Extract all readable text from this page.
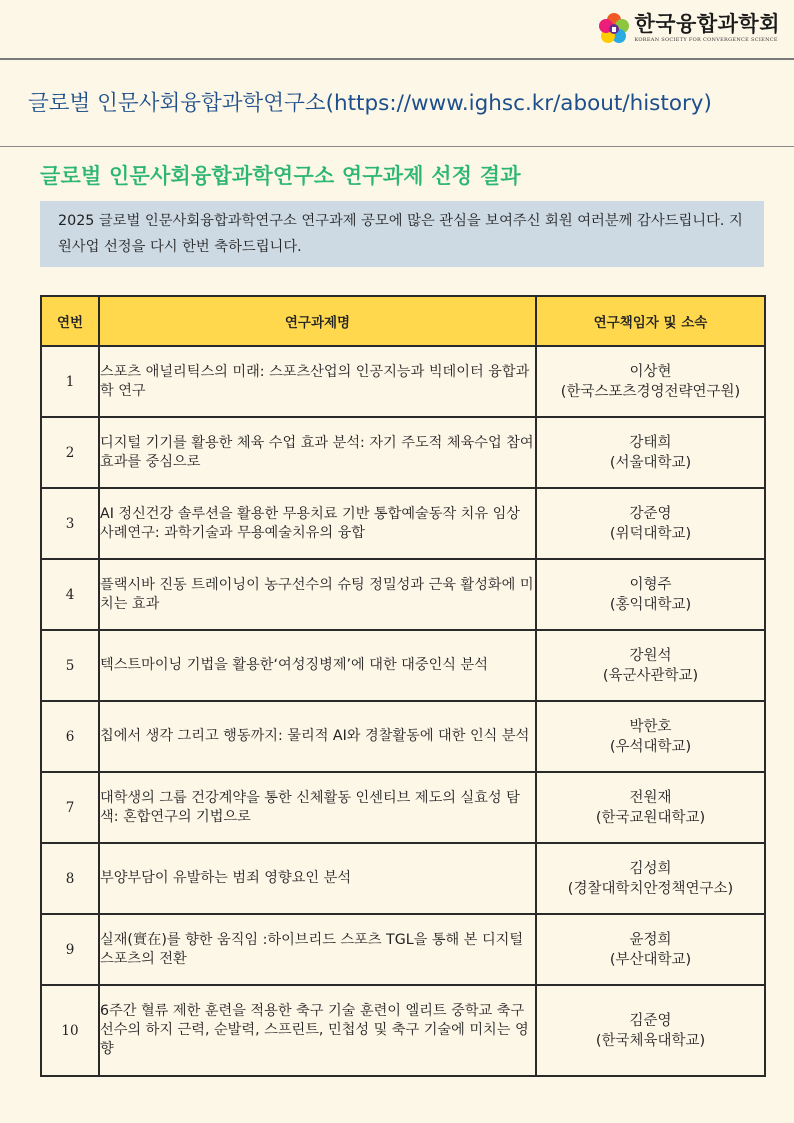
한국융합과학회
KOREAN SOCIETY FOR CONVERGENCE SCIENCE
글로벌 인문사회융합과학연구소(https://www.ighsc.kr/about/history)
글로벌 인문사회융합과학연구소 연구과제 선정 결과
2025 글로벌 인문사회융합과학연구소 연구과제 공모에 많은 관심을 보여주신 회원 여러분께 감사드립니다. 지원사업 선정을 다시 한번 축하드립니다.
연번	연구과제명	연구책임자 및 소속
1	스포츠 애널리틱스의 미래: 스포츠산업의 인공지능과 빅데이터 융합과학 연구	이상현
(한국스포츠경영전략연구원)

2	디지털 기기를 활용한 체육 수업 효과 분석: 자기 주도적 체육수업 참여 효과를 중심으로	강태희
(서울대학교)

3	AI 정신건강 솔루션을 활용한 무용치료 기반 통합예술동작 치유 임상 사례연구: 과학기술과 무용예술치유의 융합	강준영
(위덕대학교)

4	플랙시바 진동 트레이닝이 농구선수의 슈팅 정밀성과 근육 활성화에 미치는 효과	이형주
(홍익대학교)

5	텍스트마이닝 기법을 활용한‘여성징병제’에 대한 대중인식 분석	강원석
(육군사관학교)

6	칩에서 생각 그리고 행동까지: 물리적 AI와 경찰활동에 대한 인식 분석	박한호
(우석대학교)

7	대학생의 그룹 건강계약을 통한 신체활동 인센티브 제도의 실효성 탐색: 혼합연구의 기법으로	전원재
(한국교원대학교)

8	부양부담이 유발하는 범죄 영향요인 분석	김성희
(경찰대학치안정책연구소)

9	실재(實在)를 향한 움직임 :하이브리드 스포츠 TGL을 통해 본 디지털 스포츠의 전환	윤정희
(부산대학교)

10	6주간 혈류 제한 훈련을 적용한 축구 기술 훈련이 엘리트 중학교 축구 선수의 하지 근력, 순발력, 스프린트, 민첩성 및 축구 기술에 미치는 영향	김준영
(한국체육대학교)
